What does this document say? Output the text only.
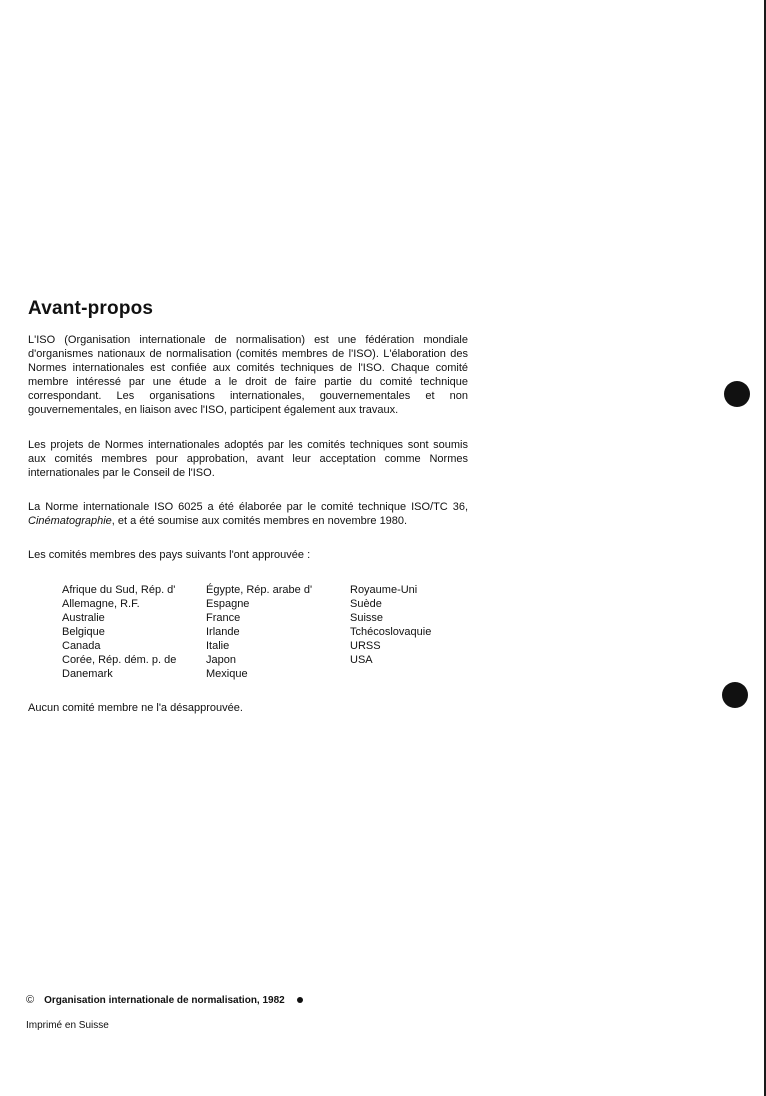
Avant-propos

L'ISO (Organisation internationale de normalisation) est une fédération mondiale d'organismes nationaux de normalisation (comités membres de l'ISO). L'élaboration des Normes internationales est confiée aux comités techniques de l'ISO. Chaque comité membre intéressé par une étude a le droit de faire partie du comité technique correspondant. Les organisations internationales, gouvernementales et non gouvernementales, en liaison avec l'ISO, participent également aux travaux.

Les projets de Normes internationales adoptés par les comités techniques sont soumis aux comités membres pour approbation, avant leur acceptation comme Normes internationales par le Conseil de l'ISO.

La Norme internationale ISO 6025 a été élaborée par le comité technique ISO/TC 36, Cinématographie, et a été soumise aux comités membres en novembre 1980.

Les comités membres des pays suivants l'ont approuvée :

Afrique du Sud, Rép. d'
Allemagne, R.F.
Australie
Belgique
Canada
Corée, Rép. dém. p. de
Danemark
Égypte, Rép. arabe d'
Espagne
France
Irlande
Italie
Japon
Mexique
Royaume-Uni
Suède
Suisse
Tchécoslovaquie
URSS
USA

Aucun comité membre ne l'a désapprouvée.

© Organisation internationale de normalisation, 1982
Imprimé en Suisse
